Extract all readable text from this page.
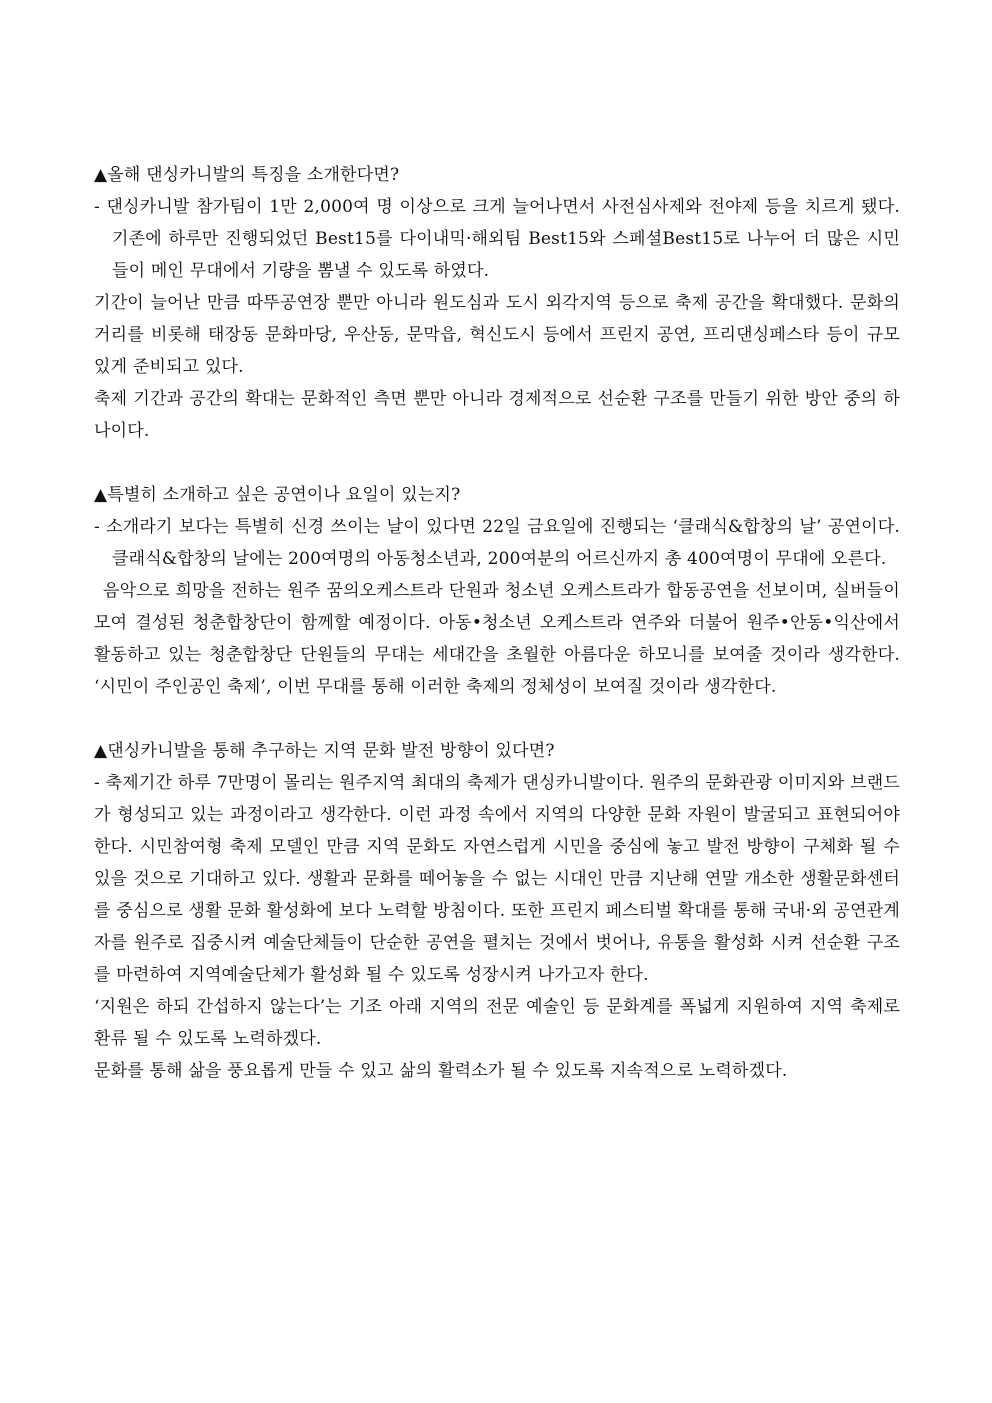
▲올해 댄싱카니발의 특징을 소개한다면?

- 댄싱카니발 참가팀이 1만 2,000여 명 이상으로 크게 늘어나면서 사전심사제와 전야제 등을 치르게 됐다. 기존에 하루만 진행되었던 Best15를 다이내믹·해외팀 Best15와 스페셜Best15로 나누어 더 많은 시민들이 메인 무대에서 기량을 뽐낼 수 있도록 하였다.

기간이 늘어난 만큼 따뚜공연장 뿐만 아니라 원도심과 도시 외각지역 등으로 축제 공간을 확대했다. 문화의 거리를 비롯해 태장동 문화마당, 우산동, 문막읍, 혁신도시 등에서 프린지 공연, 프리댄싱페스타 등이 규모 있게 준비되고 있다.

축제 기간과 공간의 확대는 문화적인 측면 뿐만 아니라 경제적으로 선순환 구조를 만들기 위한 방안 중의 하나이다.

▲특별히 소개하고 싶은 공연이나 요일이 있는지?

- 소개라기 보다는 특별히 신경 쓰이는 날이 있다면 22일 금요일에 진행되는 ‘클래식&합창의 날’ 공연이다. 클래식&합창의 날에는 200여명의 아동청소년과, 200여분의 어르신까지 총 400여명이 무대에 오른다.

음악으로 희망을 전하는 원주 꿈의오케스트라 단원과 청소년 오케스트라가 합동공연을 선보이며, 실버들이 모여 결성된 청춘합창단이 함께할 예정이다. 아동•청소년 오케스트라 연주와 더불어 원주•안동•익산에서 활동하고 있는 청춘합창단 단원들의 무대는 세대간을 초월한 아름다운 하모니를 보여줄 것이라 생각한다. ‘시민이 주인공인 축제’, 이번 무대를 통해 이러한 축제의 정체성이 보여질 것이라 생각한다.

▲댄싱카니발을 통해 추구하는 지역 문화 발전 방향이 있다면?

- 축제기간 하루 7만명이 몰리는 원주지역 최대의 축제가 댄싱카니발이다. 원주의 문화관광 이미지와 브랜드가 형성되고 있는 과정이라고 생각한다. 이런 과정 속에서 지역의 다양한 문화 자원이 발굴되고 표현되어야 한다. 시민참여형 축제 모델인 만큼 지역 문화도 자연스럽게 시민을 중심에 놓고 발전 방향이 구체화 될 수 있을 것으로 기대하고 있다. 생활과 문화를 떼어놓을 수 없는 시대인 만큼 지난해 연말 개소한 생활문화센터를 중심으로 생활 문화 활성화에 보다 노력할 방침이다. 또한 프린지 페스티벌 확대를 통해 국내·외 공연관계자를 원주로 집중시켜 예술단체들이 단순한 공연을 펼치는 것에서 벗어나, 유통을 활성화 시켜 선순환 구조를 마련하여 지역예술단체가 활성화 될 수 있도록 성장시켜 나가고자 한다.

‘지원은 하되 간섭하지 않는다’는 기조 아래 지역의 전문 예술인 등 문화계를 폭넓게 지원하여 지역 축제로 환류 될 수 있도록 노력하겠다.

문화를 통해 삶을 풍요롭게 만들 수 있고 삶의 활력소가 될 수 있도록 지속적으로 노력하겠다.
